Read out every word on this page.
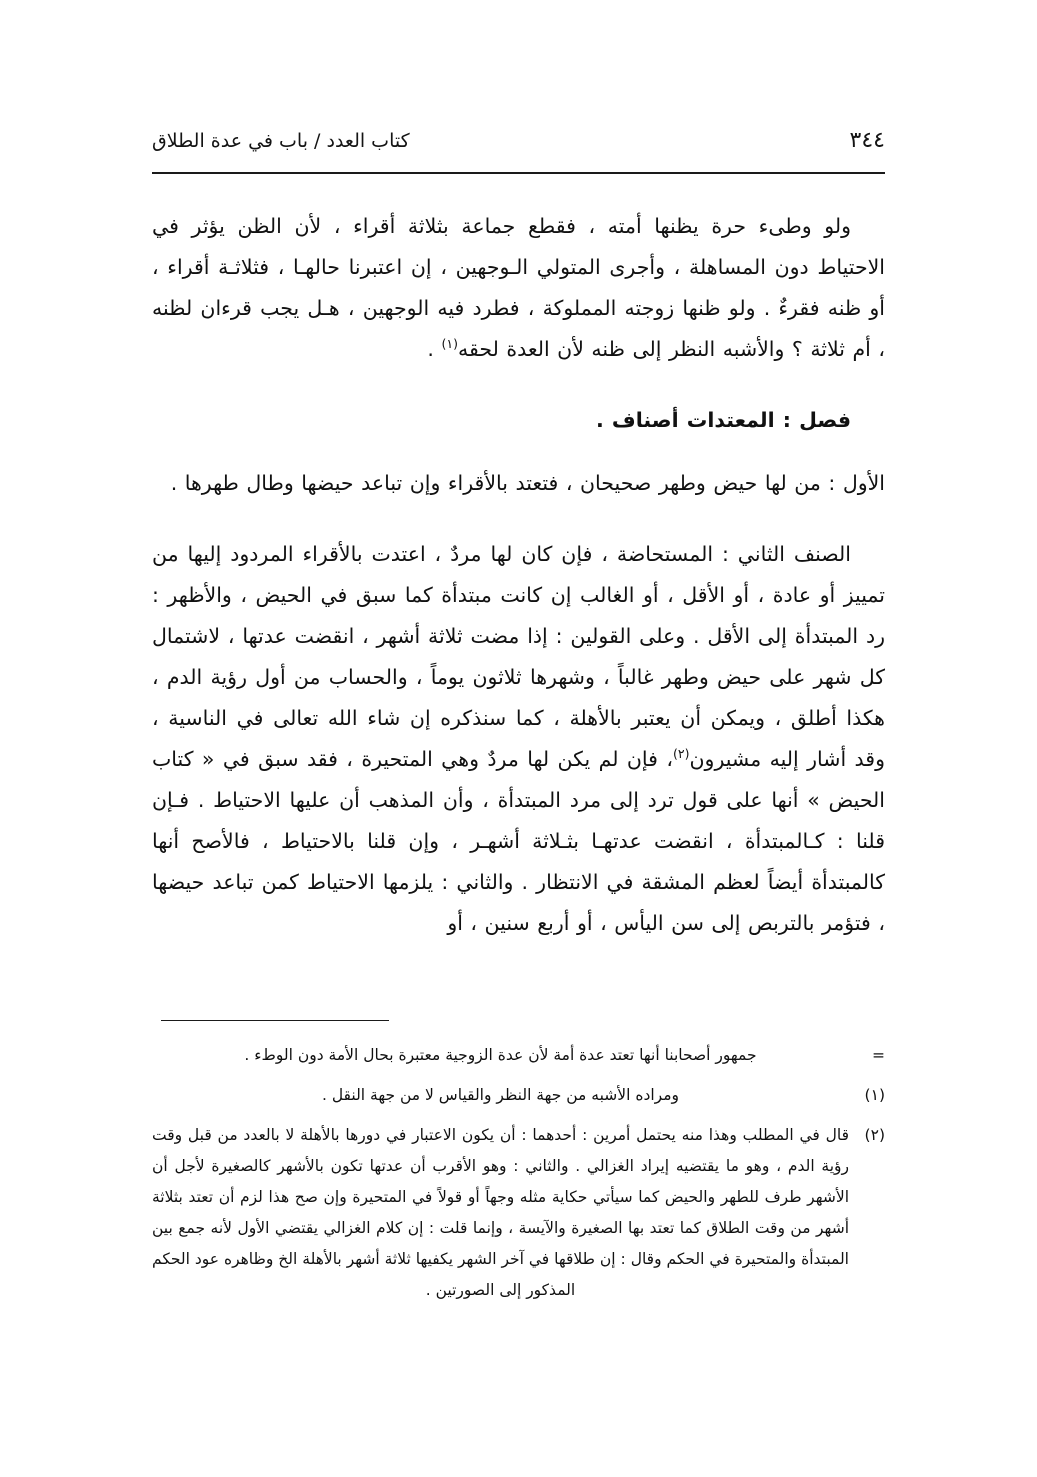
كتاب العدد / باب في عدة الطلاق	٣٤٤

ولو وطىء حرة يظنها أمته ، فقطع جماعة بثلاثة أقراء ، لأن الظن يؤثر في الاحتياط دون المساهلة ، وأجرى المتولي الـوجهين ، إن اعتبرنا حالهـا ، فثلاثـة أقراء ، أو ظنه فقرءٌ . ولو ظنها زوجته المملوكة ، فطرد فيه الوجهين ، هـل يجب قرءان لظنه ، أم ثلاثة ؟ والأشبه النظر إلى ظنه لأن العدة لحقه$^{(١)}$ .

فصل : المعتدات أصناف .

الأول : من لها حيض وطهر صحيحان ، فتعتد بالأقراء وإن تباعد حيضها وطال طهرها .

الصنف الثاني : المستحاضة ، فإن كان لها مردٌ ، اعتدت بالأقراء المردود إليها من تمييز أو عادة ، أو الأقل ، أو الغالب إن كانت مبتدأة كما سبق في الحيض ، والأظهر : رد المبتدأة إلى الأقل . وعلى القولين : إذا مضت ثلاثة أشهر ، انقضت عدتها ، لاشتمال كل شهر على حيض وطهر غالباً ، وشهرها ثلاثون يوماً ، والحساب من أول رؤية الدم ، هكذا أطلق ، ويمكن أن يعتبر بالأهلة ، كما سنذكره إن شاء الله تعالى في الناسية ، وقد أشار إليه مشيرون$^{(٢)}$، فإن لم يكن لها مردٌ وهي المتحيرة ، فقد سبق في « كتاب الحيض » أنها على قول ترد إلى مرد المبتدأة ، وأن المذهب أن عليها الاحتياط . فـإن قلنا : كـالمبتدأة ، انقضت عدتهـا بثـلاثة أشهـر ، وإن قلنا بالاحتياط ، فالأصح أنها كالمبتدأة أيضاً لعظم المشقة في الانتظار . والثاني : يلزمها الاحتياط كمن تباعد حيضها ، فتؤمر بالتربص إلى سن اليأس ، أو أربع سنين ، أو

=
جمهور أصحابنا أنها تعتد عدة أمة لأن عدة الزوجية معتبرة بحال الأمة دون الوطء .
(١)
ومراده الأشبه من جهة النظر والقياس لا من جهة النقل .
(٢)
قال في المطلب وهذا منه يحتمل أمرين : أحدهما : أن يكون الاعتبار في دورها بالأهلة لا بالعدد من قبل وقت رؤية الدم ، وهو ما يقتضيه إيراد الغزالي . والثاني : وهو الأقرب أن عدتها تكون بالأشهر كالصغيرة لأجل أن الأشهر طرف للطهر والحيض كما سيأتي حكاية مثله وجهاً أو قولاً في المتحيرة وإن صح هذا لزم أن تعتد بثلاثة أشهر من وقت الطلاق كما تعتد بها الصغيرة والآيسة ، وإنما قلت : إن كلام الغزالي يقتضي الأول لأنه جمع بين المبتدأة والمتحيرة في الحكم وقال : إن طلاقها في آخر الشهر يكفيها ثلاثة أشهر بالأهلة الخ وظاهره عود الحكم المذكور إلى الصورتين .
